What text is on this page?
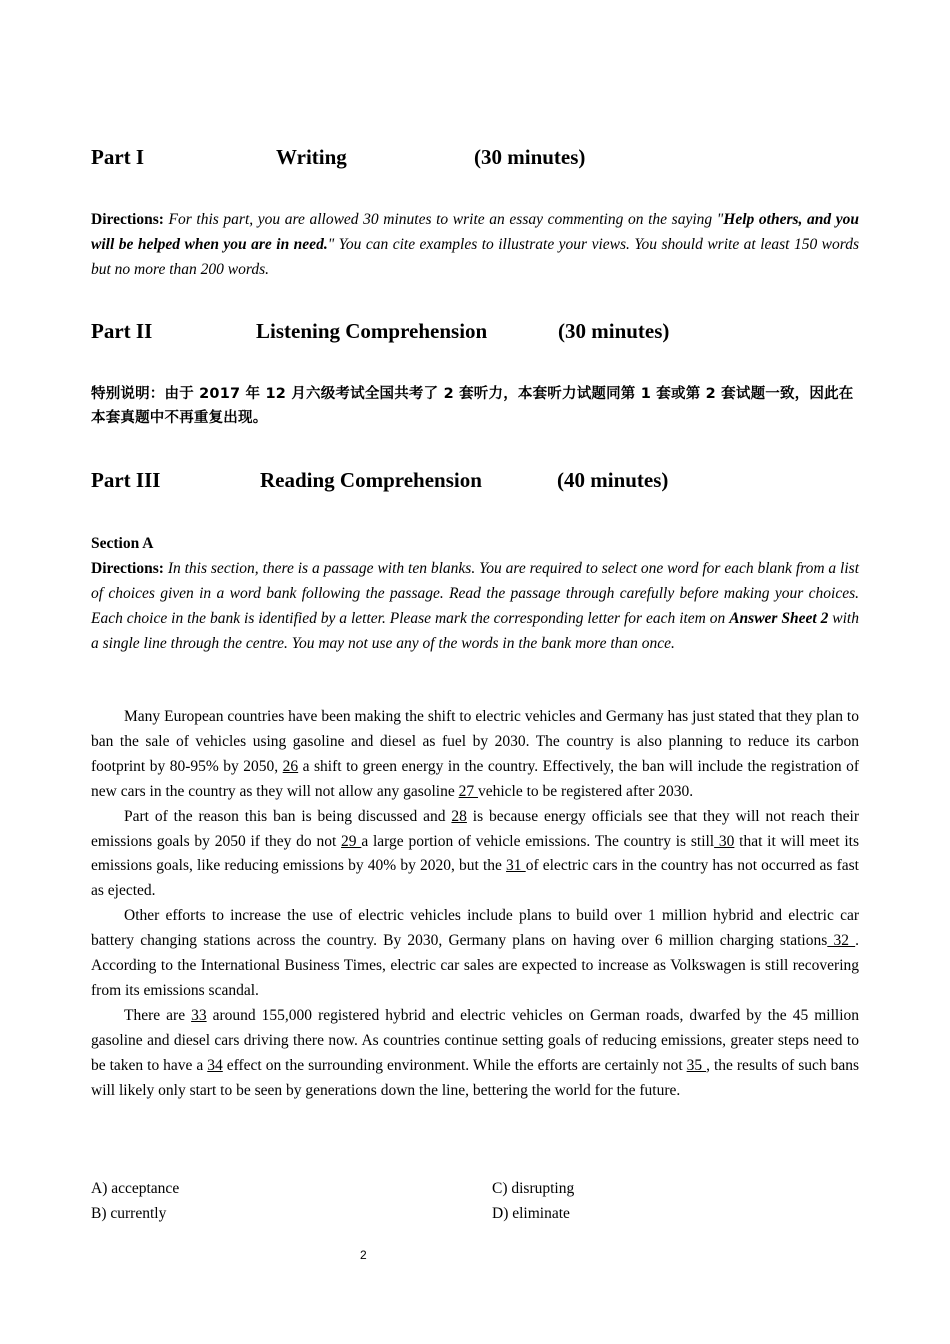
Part I	Writing	(30 minutes)
Directions: For this part, you are allowed 30 minutes to write an essay commenting on the saying "Help others, and you will be helped when you are in need." You can cite examples to illustrate your views. You should write at least 150 words but no more than 200 words.
Part II	Listening Comprehension	(30 minutes)
特别说明：由于 2017 年 12 月六级考试全国共考了 2 套听力，本套听力试题同第 1 套或第 2 套试题一致，因此在本套真题中不再重复出现。
Part III	Reading Comprehension	(40 minutes)
Section A
Directions: In this section, there is a passage with ten blanks. You are required to select one word for each blank from a list of choices given in a word bank following the passage. Read the passage through carefully before making your choices. Each choice in the bank is identified by a letter. Please mark the corresponding letter for each item on Answer Sheet 2 with a single line through the centre. You may not use any of the words in the bank more than once.

Many European countries have been making the shift to electric vehicles and Germany has just stated that they plan to ban the sale of vehicles using gasoline and diesel as fuel by 2030. The country is also planning to reduce its carbon footprint by 80-95% by 2050, 26 a shift to green energy in the country. Effectively, the ban will include the registration of new cars in the country as they will not allow any gasoline 27 vehicle to be registered after 2030.

Part of the reason this ban is being discussed and 28 is because energy officials see that they will not reach their emissions goals by 2050 if they do not 29 a large portion of vehicle emissions. The country is still 30 that it will meet its emissions goals, like reducing emissions by 40% by 2020, but the 31 of electric cars in the country has not occurred as fast as ejected.

Other efforts to increase the use of electric vehicles include plans to build over 1 million hybrid and electric car battery changing stations across the country. By 2030, Germany plans on having over 6 million charging stations 32 . According to the International Business Times, electric car sales are expected to increase as Volkswagen is still recovering from its emissions scandal.

There are 33 around 155,000 registered hybrid and electric vehicles on German roads, dwarfed by the 45 million gasoline and diesel cars driving there now. As countries continue setting goals of reducing emissions, greater steps need to be taken to have a 34 effect on the surrounding environment. While the efforts are certainly not 35 , the results of such bans will likely only start to be seen by generations down the line, bettering the world for the future.

A) acceptance
B) currently
C) disrupting
D) eliminate
2
